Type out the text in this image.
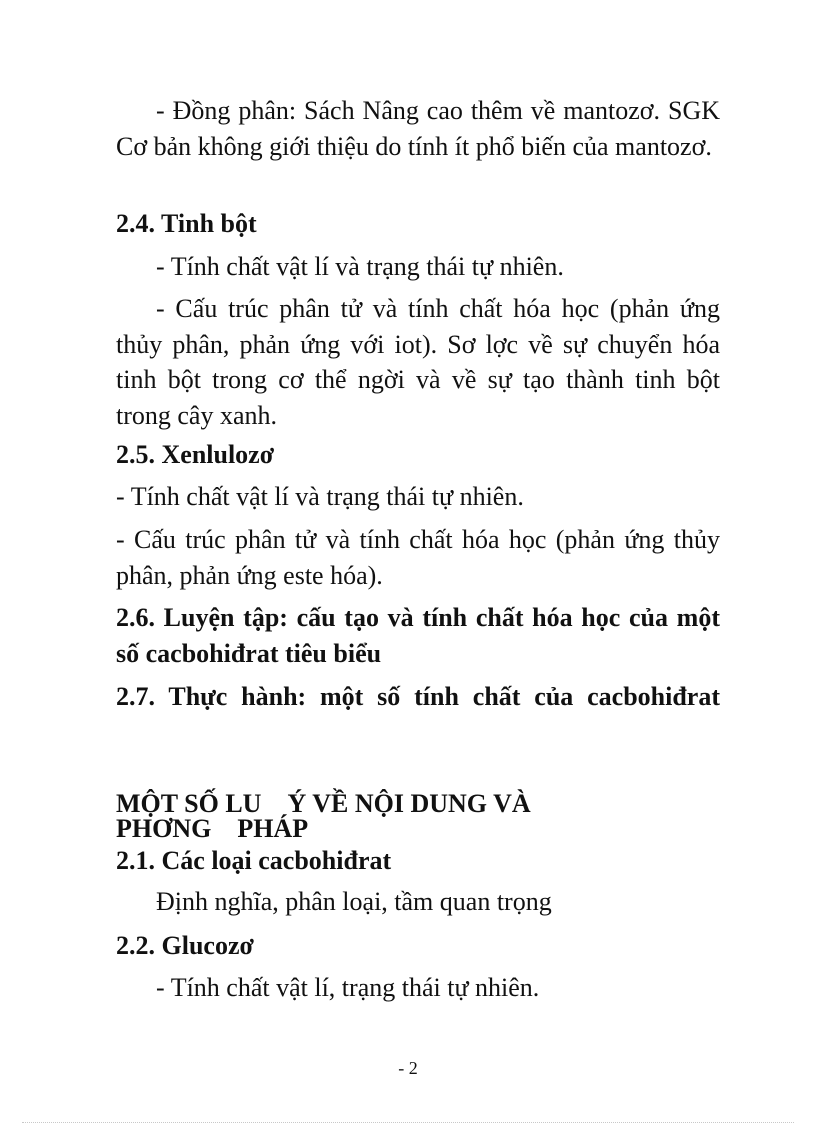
- Đồng phân: Sách Nâng cao thêm về mantozơ. SGK Cơ bản không giới thiệu do tính ít phổ biến của mantozơ.

2.4. Tinh bột

- Tính chất vật lí và trạng thái tự nhiên.

- Cấu trúc phân tử và tính chất hóa học (phản ứng thủy phân, phản ứng với iot). Sơ lợc về sự chuyển hóa tinh bột trong cơ thể ngời và về sự tạo thành tinh bột trong cây xanh.

2.5. Xenlulozơ

- Tính chất vật lí và trạng thái tự nhiên.

- Cấu trúc phân tử và tính chất hóa học (phản ứng thủy phân, phản ứng este hóa).

2.6. Luyện tập: cấu tạo và tính chất hóa học của một số cacbohiđrat tiêu biểu

2.7. Thực hành: một số tính chất của cacbohiđrat

MỘT SỐ LU    Ý VỀ NỘI DUNG VÀ

PHƠNG    PHÁP

2.1. Các loại cacbohiđrat

Định nghĩa, phân loại, tầm quan trọng

2.2. Glucozơ

- Tính chất vật lí, trạng thái tự nhiên.

- 2
